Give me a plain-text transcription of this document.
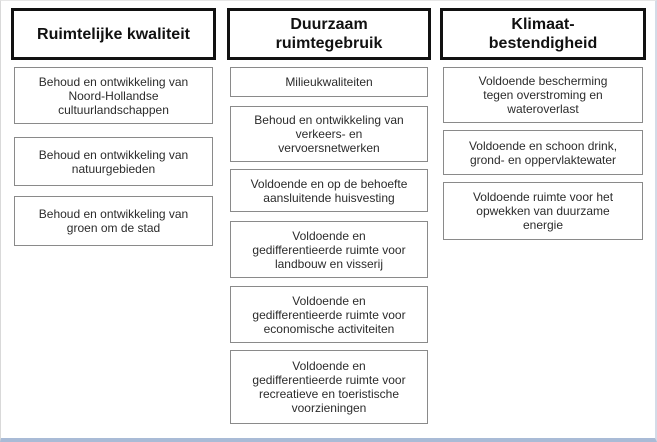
Ruimtelijke kwaliteit
Behoud en ontwikkeling van
Noord-Hollandse
cultuurlandschappen
Behoud en ontwikkeling van
natuurgebieden
Behoud en ontwikkeling van
groen om de stad
Duurzaam
ruimtegebruik
Milieukwaliteiten
Behoud en ontwikkeling van
verkeers- en
vervoersnetwerken
Voldoende en op de behoefte
aansluitende huisvesting
Voldoende en
gedifferentieerde ruimte voor
landbouw en visserij
Voldoende en
gedifferentieerde ruimte voor
economische activiteiten
Voldoende en
gedifferentieerde ruimte voor
recreatieve en toeristische
voorzieningen
Klimaat-
bestendigheid
Voldoende bescherming
tegen overstroming en
wateroverlast
Voldoende en schoon drink,
grond- en oppervlaktewater
Voldoende ruimte voor het
opwekken van duurzame
energie
